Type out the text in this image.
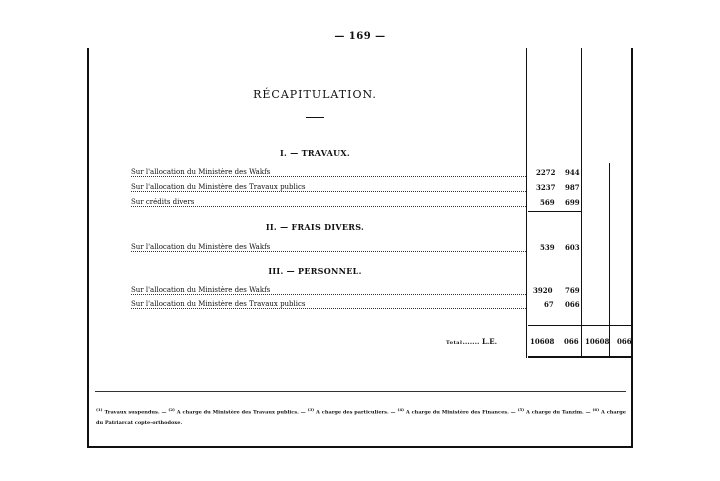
— 169 —
RÉCAPITULATION.
I. — TRAVAUX.
Sur l'allocation du Ministère des Wakfs	2272 944
Sur l'allocation du Ministère des Travaux publics	3237 987
Sur crédits divers	569 699
II. — FRAIS DIVERS.
Sur l'allocation du Ministère des Wakfs	539 603
III. — PERSONNEL.
Sur l'allocation du Ministère des Wakfs	3920 769
Sur l'allocation du Ministère des Travaux publics	67 066
Total....... L.E.	10608 066 10608 066
$^{(1)}$ Travaux suspendus. — $^{(2)}$ A charge du Ministère des Travaux publics. — $^{(3)}$ A charge des particuliers. — $^{(4)}$ A charge du Ministère des Finances. — $^{(5)}$ A charge du Tanzim. — $^{(6)}$ A charge du Patriarcat copte-orthodoxe.
